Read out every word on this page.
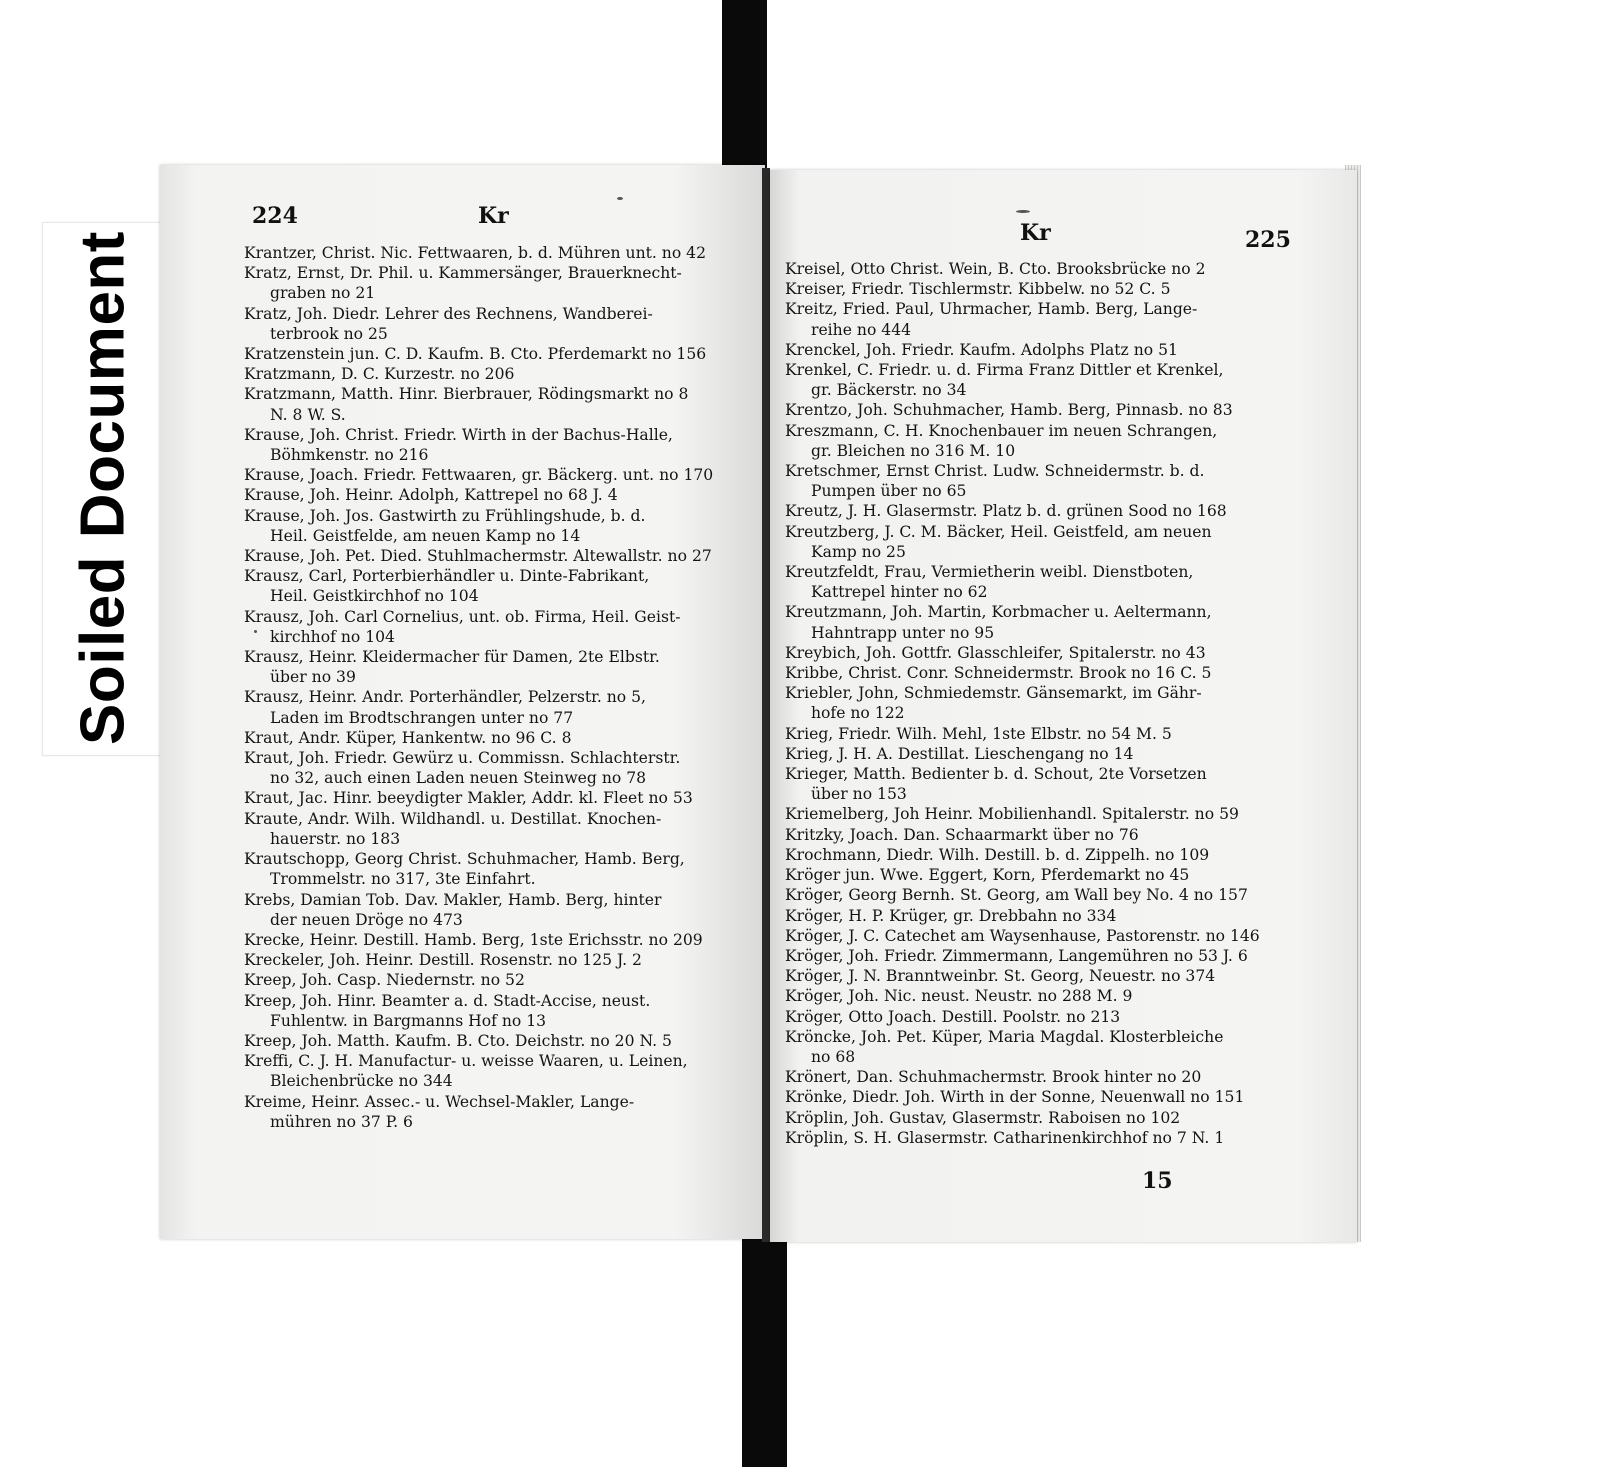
Soiled Document
224	Kr
Krantzer, Christ. Nic. Fettwaaren, b. d. Mühren unt. no 42
Kratz, Ernst, Dr. Phil. u. Kammersänger, Brauerknecht-
graben no 21
Kratz, Joh. Diedr. Lehrer des Rechnens, Wandberei-
terbrook no 25
Kratzenstein jun. C. D. Kaufm. B. Cto. Pferdemarkt no 156
Kratzmann, D. C. Kurzestr. no 206
Kratzmann, Matth. Hinr. Bierbrauer, Rödingsmarkt no 8
N. 8 W. S.
Krause, Joh. Christ. Friedr. Wirth in der Bachus-Halle,
Böhmkenstr. no 216
Krause, Joach. Friedr. Fettwaaren, gr. Bäckerg. unt. no 170
Krause, Joh. Heinr. Adolph, Kattrepel no 68 J. 4
Krause, Joh. Jos. Gastwirth zu Frühlingshude, b. d.
Heil. Geistfelde, am neuen Kamp no 14
Krause, Joh. Pet. Died. Stuhlmachermstr. Altewallstr. no 27
Krausz, Carl, Porterbierhändler u. Dinte-Fabrikant,
Heil. Geistkirchhof no 104
Krausz, Joh. Carl Cornelius, unt. ob. Firma, Heil. Geist-
kirchhof no 104
Krausz, Heinr. Kleidermacher für Damen, 2te Elbstr.
über no 39
Krausz, Heinr. Andr. Porterhändler, Pelzerstr. no 5,
Laden im Brodtschrangen unter no 77
Kraut, Andr. Küper, Hankentw. no 96 C. 8
Kraut, Joh. Friedr. Gewürz u. Commissn. Schlachterstr.
no 32, auch einen Laden neuen Steinweg no 78
Kraut, Jac. Hinr. beeydigter Makler, Addr. kl. Fleet no 53
Kraute, Andr. Wilh. Wildhandl. u. Destillat. Knochen-
hauerstr. no 183
Krautschopp, Georg Christ. Schuhmacher, Hamb. Berg,
Trommelstr. no 317, 3te Einfahrt.
Krebs, Damian Tob. Dav. Makler, Hamb. Berg, hinter
der neuen Dröge no 473
Krecke, Heinr. Destill. Hamb. Berg, 1ste Erichsstr. no 209
Kreckeler, Joh. Heinr. Destill. Rosenstr. no 125 J. 2
Kreep, Joh. Casp. Niedernstr. no 52
Kreep, Joh. Hinr. Beamter a. d. Stadt-Accise, neust.
Fuhlentw. in Bargmanns Hof no 13
Kreep, Joh. Matth. Kaufm. B. Cto. Deichstr. no 20 N. 5
Kreffi, C. J. H. Manufactur- u. weisse Waaren, u. Leinen,
Bleichenbrücke no 344
Kreime, Heinr. Assec.- u. Wechsel-Makler, Lange-
mühren no 37 P. 6
Kr	225
Kreisel, Otto Christ. Wein, B. Cto. Brooksbrücke no 2
Kreiser, Friedr. Tischlermstr. Kibbelw. no 52 C. 5
Kreitz, Fried. Paul, Uhrmacher, Hamb. Berg, Lange-
reihe no 444
Krenckel, Joh. Friedr. Kaufm. Adolphs Platz no 51
Krenkel, C. Friedr. u. d. Firma Franz Dittler et Krenkel,
gr. Bäckerstr. no 34
Krentzo, Joh. Schuhmacher, Hamb. Berg, Pinnasb. no 83
Kreszmann, C. H. Knochenbauer im neuen Schrangen,
gr. Bleichen no 316 M. 10
Kretschmer, Ernst Christ. Ludw. Schneidermstr. b. d.
Pumpen über no 65
Kreutz, J. H. Glasermstr. Platz b. d. grünen Sood no 168
Kreutzberg, J. C. M. Bäcker, Heil. Geistfeld, am neuen
Kamp no 25
Kreutzfeldt, Frau, Vermietherin weibl. Dienstboten,
Kattrepel hinter no 62
Kreutzmann, Joh. Martin, Korbmacher u. Aeltermann,
Hahntrapp unter no 95
Kreybich, Joh. Gottfr. Glasschleifer, Spitalerstr. no 43
Kribbe, Christ. Conr. Schneidermstr. Brook no 16 C. 5
Kriebler, John, Schmiedemstr. Gänsemarkt, im Gähr-
hofe no 122
Krieg, Friedr. Wilh. Mehl, 1ste Elbstr. no 54 M. 5
Krieg, J. H. A. Destillat. Lieschengang no 14
Krieger, Matth. Bedienter b. d. Schout, 2te Vorsetzen
über no 153
Kriemelberg, Joh Heinr. Mobilienhandl. Spitalerstr. no 59
Kritzky, Joach. Dan. Schaarmarkt über no 76
Krochmann, Diedr. Wilh. Destill. b. d. Zippelh. no 109
Kröger jun. Wwe. Eggert, Korn, Pferdemarkt no 45
Kröger, Georg Bernh. St. Georg, am Wall bey No. 4 no 157
Kröger, H. P. Krüger, gr. Drebbahn no 334
Kröger, J. C. Catechet am Waysenhause, Pastorenstr. no 146
Kröger, Joh. Friedr. Zimmermann, Langemühren no 53 J. 6
Kröger, J. N. Branntweinbr. St. Georg, Neuestr. no 374
Kröger, Joh. Nic. neust. Neustr. no 288 M. 9
Kröger, Otto Joach. Destill. Poolstr. no 213
Kröncke, Joh. Pet. Küper, Maria Magdal. Klosterbleiche
no 68
Krönert, Dan. Schuhmachermstr. Brook hinter no 20
Krönke, Diedr. Joh. Wirth in der Sonne, Neuenwall no 151
Kröplin, Joh. Gustav, Glasermstr. Raboisen no 102
Kröplin, S. H. Glasermstr. Catharinenkirchhof no 7 N. 1
15
